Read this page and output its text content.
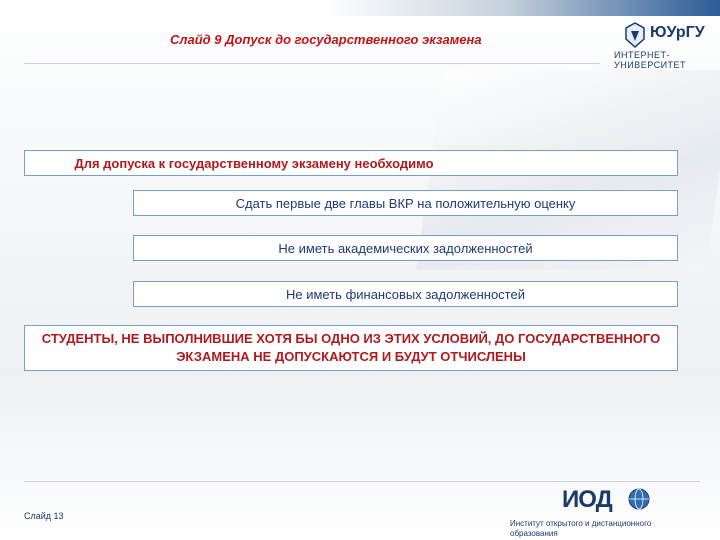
Слайд 9 Допуск до государственного экзамена	ЮУрГУ
ИНТЕРНЕТ-УНИВЕРСИТЕТ
Для допуска к государственному экзамену необходимо
Сдать первые две главы ВКР на положительную оценку
Не иметь академических задолженностей
Не иметь финансовых задолженностей
СТУДЕНТЫ, НЕ ВЫПОЛНИВШИЕ ХОТЯ БЫ ОДНО ИЗ ЭТИХ УСЛОВИЙ, ДО ГОСУДАРСТВЕННОГО ЭКЗАМЕНА НЕ ДОПУСКАЮТСЯ И БУДУТ ОТЧИСЛЕНЫ
Слайд 13
ИОД
Институт открытого и дистанционного образования
